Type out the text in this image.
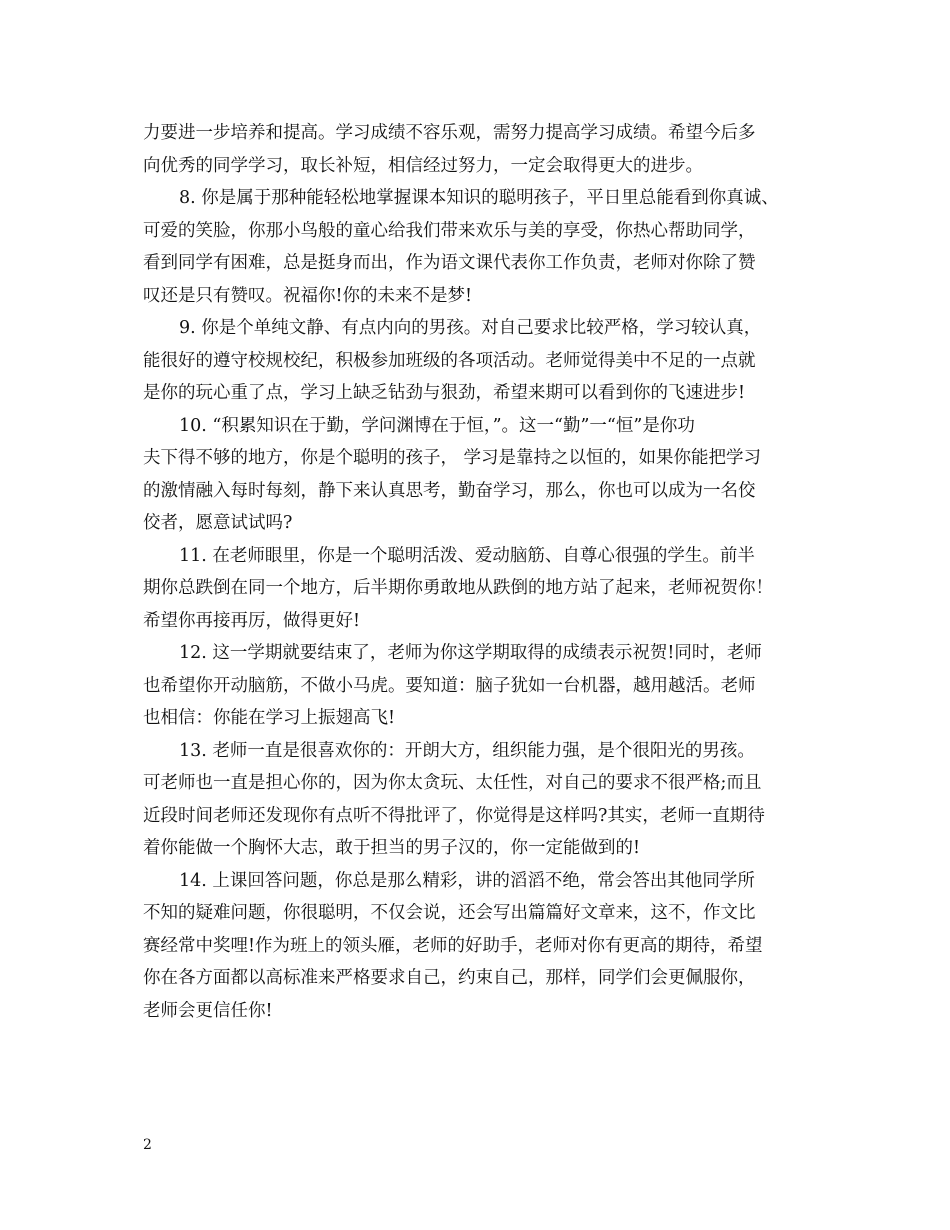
力要进一步培养和提高。学习成绩不容乐观，需努力提高学习成绩。希望今后多
向优秀的同学学习，取长补短，相信经过努力，一定会取得更大的进步。
8. 你是属于那种能轻松地掌握课本知识的聪明孩子，平日里总能看到你真诚、
可爱的笑脸，你那小鸟般的童心给我们带来欢乐与美的享受，你热心帮助同学，
看到同学有困难，总是挺身而出，作为语文课代表你工作负责，老师对你除了赞
叹还是只有赞叹。祝福你!你的未来不是梦!
9. 你是个单纯文静、有点内向的男孩。对自己要求比较严格，学习较认真，
能很好的遵守校规校纪，积极参加班级的各项活动。老师觉得美中不足的一点就
是你的玩心重了点，学习上缺乏钻劲与狠劲，希望来期可以看到你的飞速进步!
10. “积累知识在于勤，学问渊博在于恒，”。这一“勤”一“恒”是你功
夫下得不够的地方，你是个聪明的孩子， 学习是靠持之以恒的，如果你能把学习
的激情融入每时每刻，静下来认真思考，勤奋学习，那么，你也可以成为一名佼
佼者，愿意试试吗?
11. 在老师眼里，你是一个聪明活泼、爱动脑筋、自尊心很强的学生。前半
期你总跌倒在同一个地方，后半期你勇敢地从跌倒的地方站了起来，老师祝贺你！
希望你再接再厉，做得更好!
12. 这一学期就要结束了，老师为你这学期取得的成绩表示祝贺!同时，老师
也希望你开动脑筋，不做小马虎。要知道：脑子犹如一台机器，越用越活。老师
也相信：你能在学习上振翅高飞!
13. 老师一直是很喜欢你的：开朗大方，组织能力强，是个很阳光的男孩。
可老师也一直是担心你的，因为你太贪玩、太任性，对自己的要求不很严格;而且
近段时间老师还发现你有点听不得批评了，你觉得是这样吗?其实，老师一直期待
着你能做一个胸怀大志，敢于担当的男子汉的，你一定能做到的!
14. 上课回答问题，你总是那么精彩，讲的滔滔不绝，常会答出其他同学所
不知的疑难问题，你很聪明，不仅会说，还会写出篇篇好文章来，这不，作文比
赛经常中奖哩!作为班上的领头雁，老师的好助手，老师对你有更高的期待，希望
你在各方面都以高标准来严格要求自己，约束自己，那样，同学们会更佩服你，
老师会更信任你!
2
